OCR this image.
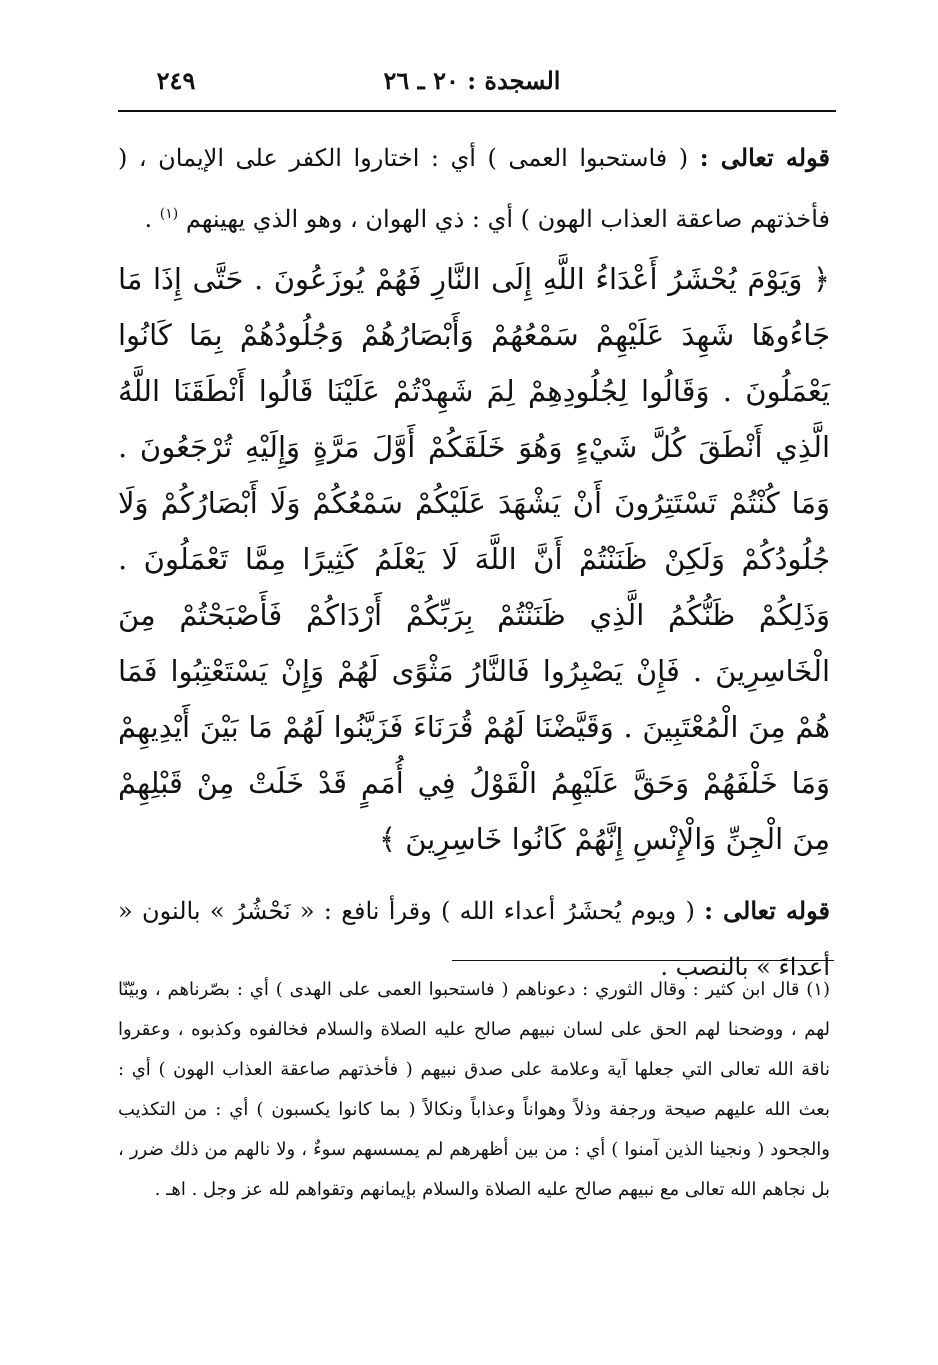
السجدة : ٢٠ ـ ٢٦
٢٤٩

قوله تعالى : ( فاستحبوا العمى ) أي : اختاروا الكفر على الإيمان ، ( فأخذتهم صاعقة العذاب الهون ) أي : ذي الهوان ، وهو الذي يهينهم $^{(١)}$ .

﴿ وَيَوْمَ يُحْشَرُ أَعْدَاءُ اللَّهِ إِلَى النَّارِ فَهُمْ يُوزَعُونَ . حَتَّى إِذَا مَا جَاءُوهَا شَهِدَ عَلَيْهِمْ سَمْعُهُمْ وَأَبْصَارُهُمْ وَجُلُودُهُمْ بِمَا كَانُوا يَعْمَلُونَ . وَقَالُوا لِجُلُودِهِمْ لِمَ شَهِدْتُمْ عَلَيْنَا قَالُوا أَنْطَقَنَا اللَّهُ الَّذِي أَنْطَقَ كُلَّ شَيْءٍ وَهُوَ خَلَقَكُمْ أَوَّلَ مَرَّةٍ وَإِلَيْهِ تُرْجَعُونَ . وَمَا كُنْتُمْ تَسْتَتِرُونَ أَنْ يَشْهَدَ عَلَيْكُمْ سَمْعُكُمْ وَلَا أَبْصَارُكُمْ وَلَا جُلُودُكُمْ وَلَكِنْ ظَنَنْتُمْ أَنَّ اللَّهَ لَا يَعْلَمُ كَثِيرًا مِمَّا تَعْمَلُونَ . وَذَلِكُمْ ظَنُّكُمُ الَّذِي ظَنَنْتُمْ بِرَبِّكُمْ أَرْدَاكُمْ فَأَصْبَحْتُمْ مِنَ الْخَاسِرِينَ . فَإِنْ يَصْبِرُوا فَالنَّارُ مَثْوًى لَهُمْ وَإِنْ يَسْتَعْتِبُوا فَمَا هُمْ مِنَ الْمُعْتَبِينَ . وَقَيَّضْنَا لَهُمْ قُرَنَاءَ فَزَيَّنُوا لَهُمْ مَا بَيْنَ أَيْدِيهِمْ وَمَا خَلْفَهُمْ وَحَقَّ عَلَيْهِمُ الْقَوْلُ فِي أُمَمٍ قَدْ خَلَتْ مِنْ قَبْلِهِمْ مِنَ الْجِنِّ وَالْإِنْسِ إِنَّهُمْ كَانُوا خَاسِرِينَ ﴾

قوله تعالى : ( ويوم يُحشَرُ أعداء الله ) وقرأ نافع : « نَحْشُرُ » بالنون « أعداءَ » بالنصب .

(١) قال ابن كثير : وقال الثوري : دعوناهم ( فاستحبوا العمى على الهدى ) أي : بصّرناهم ، وبيّنّا لهم ، ووضحنا لهم الحق على لسان نبيهم صالح عليه الصلاة والسلام فخالفوه وكذبوه ، وعقروا ناقة الله تعالى التي جعلها آية وعلامة على صدق نبيهم ( فأخذتهم صاعقة العذاب الهون ) أي : بعث الله عليهم صيحة ورجفة وذلاً وهواناً وعذاباً ونكالاً ( بما كانوا يكسبون ) أي : من التكذيب والجحود ( ونجينا الذين آمنوا ) أي : من بين أظهرهم لم يمسسهم سوءٌ ، ولا نالهم من ذلك ضرر ، بل نجاهم الله تعالى مع نبيهم صالح عليه الصلاة والسلام بإيمانهم وتقواهم لله عز وجل . اهـ .
